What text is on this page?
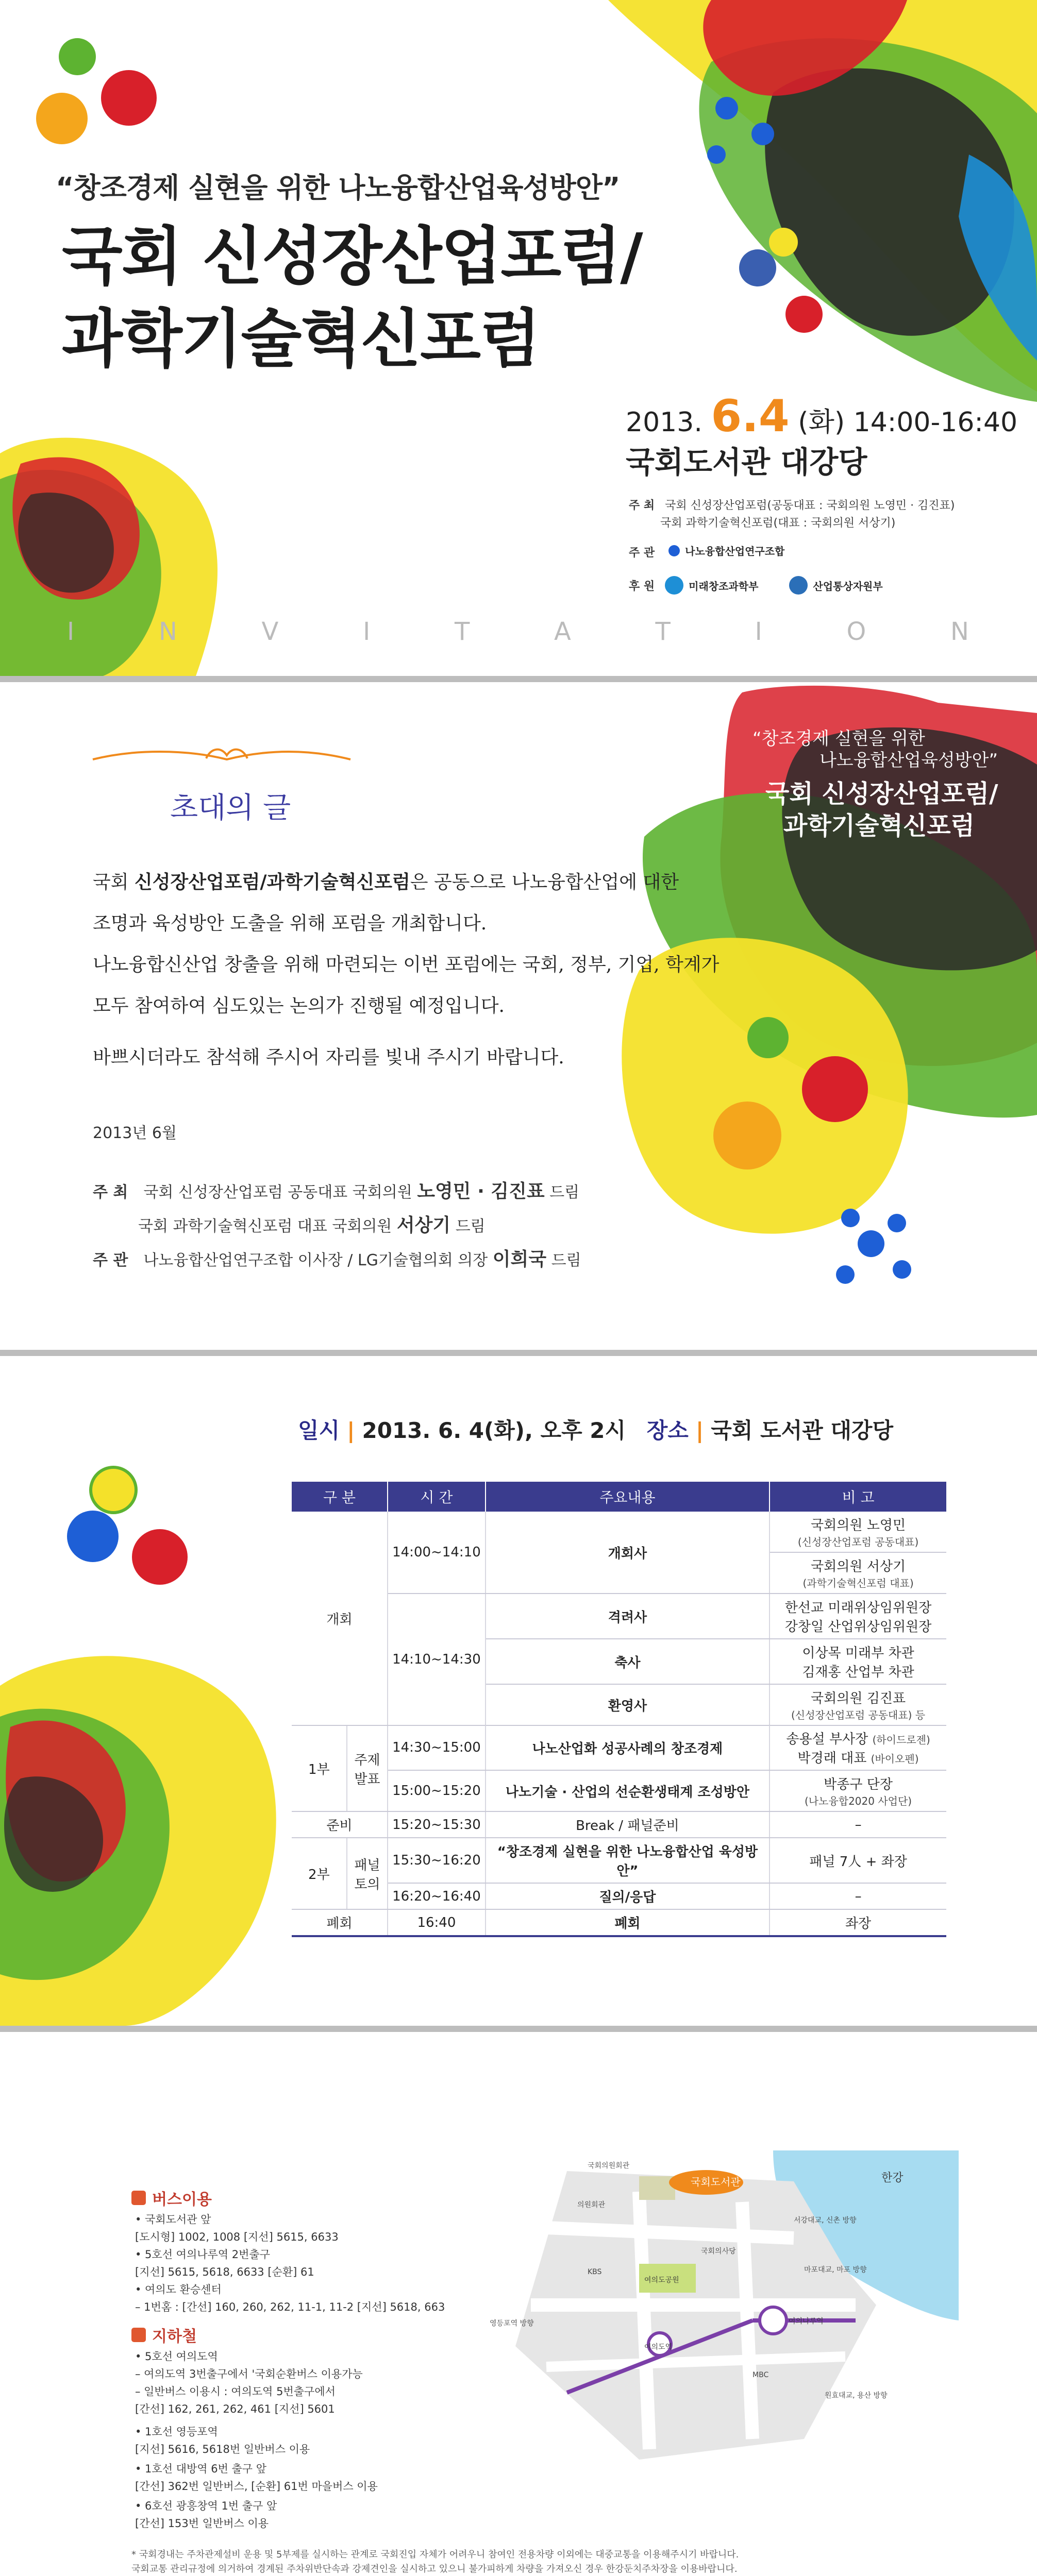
“창조경제 실현을 위한 나노융합산업육성방안”
국회 신성장산업포럼/
과학기술혁신포럼
2013. 6.4 (화) 14:00-16:40
국회도서관 대강당
주 최 국회 신성장산업포럼(공동대표 : 국회의원 노영민 · 김진표)
국회 과학기술혁신포럼(대표 : 국회의원 서상기)
주 관	나노융합산업연구조합
후 원	미래창조과학부	산업통상자원부
I	N	V	I	T	A	T	I	O	N
초대의 글
“창조경제 실현을 위한
나노융합산업육성방안”
국회 신성장산업포럼/
과학기술혁신포럼
국회 신성장산업포럼/과학기술혁신포럼은 공동으로 나노융합산업에 대한
조명과 육성방안 도출을 위해 포럼을 개최합니다.
나노융합신산업 창출을 위해 마련되는 이번 포럼에는 국회, 정부, 기업, 학계가
모두 참여하여 심도있는 논의가 진행될 예정입니다.
바쁘시더라도 참석해 주시어 자리를 빛내 주시기 바랍니다.
2013년 6월
주 최 국회 신성장산업포럼 공동대표 국회의원 노영민 · 김진표 드림
국회 과학기술혁신포럼 대표 국회의원 서상기 드림
주 관 나노융합산업연구조합 이사장 / LG기술협의회 의장 이희국 드림
일시 | 2013. 6. 4(화), 오후 2시 장소 | 국회 도서관 대강당
구 분		시 간	주요내용	비 고
개회		14:00~14:10	개회사	국회의원 노영민
(신성장산업포럼 공동대표)

				국회의원 서상기
(과학기술혁신포럼 대표)

		14:10~14:30	격려사	한선교 미래위상임위원장
강창일 산업위상임위원장

			축사	이상목 미래부 차관
김재홍 산업부 차관

			환영사	국회의원 김진표
(신성장산업포럼 공동대표) 등

1부	주제발표	14:30~15:00	나노산업화 성공사례의 창조경제	송용설 부사장 (하이드로젠)
박경래 대표 (바이오펜)

		15:00~15:20	나노기술 · 산업의 선순환생태계 조성방안	박종구 단장
(나노융합2020 사업단)

준비		15:20~15:30	Break / 패널준비	–
2부	패널토의	15:30~16:20	“창조경제 실현을 위한 나노융합산업 육성방안”	패널 7人 + 좌장
		16:20~16:40	질의/응답	–
폐회		16:40	폐회	좌장
버스이용
• 국회도서관 앞
[도시형] 1002, 1008 [지선] 5615, 6633
• 5호선 여의나루역 2번출구
[지선] 5615, 5618, 6633 [순환] 61
• 여의도 환승센터
– 1번홈 : [간선] 160, 260, 262, 11-1, 11-2 [지선] 5618, 663
지하철
• 5호선 여의도역
– 여의도역 3번출구에서 '국회순환버스 이용가능
– 일반버스 이용시 : 여의도역 5번출구에서
[간선] 162, 261, 262, 461 [지선] 5601
• 1호선 영등포역
[지선] 5616, 5618번 일반버스 이용
• 1호선 대방역 6번 출구 앞
[간선] 362번 일반버스, [순환] 61번 마을버스 이용
• 6호선 광흥창역 1번 출구 앞
[간선] 153번 일반버스 이용
* 국회경내는 주차관제설비 운용 및 5부제를 실시하는 관계로 국회진입 자체가 어려우니 참여인 전용차량 이외에는 대중교통을 이용해주시기 바랍니다.
국회교통 관리규정에 의거하여 경계된 주차위반단속과 강제견인을 실시하고 있으니 불가피하게 차량을 가져오신 경우 한강둔치주차장을 이용바랍니다.
국회도서관	한강
국회의원회관
의원회관
서강대교, 신촌 방향
마포대교, 마포 방향
KBS
여의도공원
영등포역 방향
여의도역
여의나루역
MBC
원효대교, 용산 방향
국회의사당
